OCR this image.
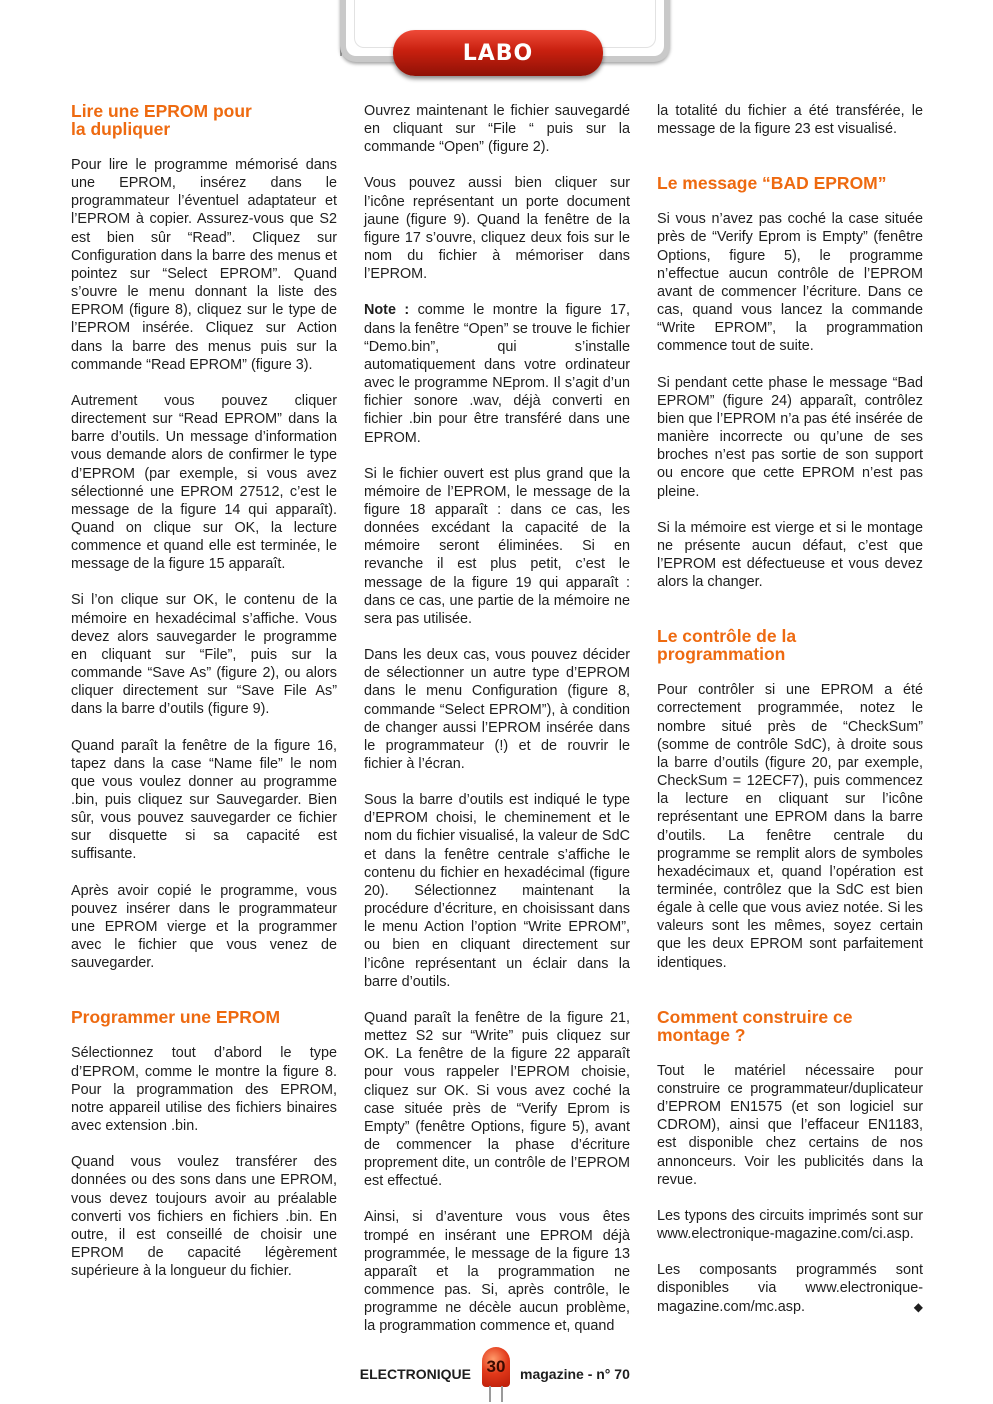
LABO
Lire une EPROM pour la dupliquer

Pour lire le programme mémorisé dans une EPROM, insérez dans le programmateur l’éventuel adaptateur et l’EPROM à copier. Assurez-vous que S2 est bien sûr “Read”. Cliquez sur Configuration dans la barre des menus et pointez sur “Select EPROM”. Quand s’ouvre le menu donnant la liste des EPROM (figure 8), cliquez sur le type de l’EPROM insérée. Cliquez sur Action dans la barre des menus puis sur la commande “Read EPROM” (figure 3).

Autrement vous pouvez cliquer directement sur “Read EPROM” dans la barre d’outils. Un message d’information vous demande alors de confirmer le type d’EPROM (par exemple, si vous avez sélectionné une EPROM 27512, c’est le message de la figure 14 qui apparaît). Quand on clique sur OK, la lecture commence et quand elle est terminée, le message de la figure 15 apparaît.

Si l’on clique sur OK, le contenu de la mémoire en hexadécimal s’affiche. Vous devez alors sauvegarder le programme en cliquant sur “File”, puis sur la commande “Save As” (figure 2), ou alors cliquer directement sur “Save File As” dans la barre d’outils (figure 9).

Quand paraît la fenêtre de la figure 16, tapez dans la case “Name file” le nom que vous voulez donner au programme .bin, puis cliquez sur Sauvegarder. Bien sûr, vous pouvez sauvegarder ce fichier sur disquette si sa capacité est suffisante.

Après avoir copié le programme, vous pouvez insérer dans le programmateur une EPROM vierge et la programmer avec le fichier que vous venez de sauvegarder.

Programmer une EPROM

Sélectionnez tout d’abord le type d’EPROM, comme le montre la figure 8. Pour la programmation des EPROM, notre appareil utilise des fichiers binaires avec extension .bin.

Quand vous voulez transférer des données ou des sons dans une EPROM, vous devez toujours avoir au préalable converti vos fichiers en fichiers .bin. En outre, il est conseillé de choisir une EPROM de capacité légèrement supérieure à la longueur du fichier.

Ouvrez maintenant le fichier sauvegardé en cliquant sur “File “ puis sur la commande “Open” (figure 2).

Vous pouvez aussi bien cliquer sur l’icône représentant un porte document jaune (figure 9). Quand la fenêtre de la figure 17 s’ouvre, cliquez deux fois sur le nom du fichier à mémoriser dans l’EPROM.

Note : comme le montre la figure 17, dans la fenêtre “Open” se trouve le fichier “Demo.bin”, qui s’installe automatiquement dans votre ordinateur avec le programme NEprom. Il s’agit d’un fichier sonore .wav, déjà converti en fichier .bin pour être transféré dans une EPROM.

Si le fichier ouvert est plus grand que la mémoire de l’EPROM, le message de la figure 18 apparaît : dans ce cas, les données excédant la capacité de la mémoire seront éliminées. Si en revanche il est plus petit, c’est le message de la figure 19 qui apparaît : dans ce cas, une partie de la mémoire ne sera pas utilisée.

Dans les deux cas, vous pouvez décider de sélectionner un autre type d’EPROM dans le menu Configuration (figure 8, commande “Select EPROM”), à condition de changer aussi l’EPROM insérée dans le programmateur (!) et de rouvrir le fichier à l’écran.

Sous la barre d’outils est indiqué le type d’EPROM choisi, le cheminement et le nom du fichier visualisé, la valeur de SdC et dans la fenêtre centrale s’affiche le contenu du fichier en hexadécimal (figure 20). Sélectionnez maintenant la procédure d’écriture, en choisissant dans le menu Action l’option “Write EPROM”, ou bien en cliquant directement sur l’icône représentant un éclair dans la barre d’outils.

Quand paraît la fenêtre de la figure 21, mettez S2 sur “Write” puis cliquez sur OK. La fenêtre de la figure 22 apparaît pour vous rappeler l’EPROM choisie, cliquez sur OK. Si vous avez coché la case située près de “Verify Eprom is Empty” (fenêtre Options, figure 5), avant de commencer la phase d’écriture proprement dite, un contrôle de l’EPROM est effectué.

Ainsi, si d’aventure vous vous êtes trompé en insérant une EPROM déjà programmée, le message de la figure 13 apparaît et la programmation ne commence pas. Si, après contrôle, le programme ne décèle aucun problème, la programmation commence et, quand

la totalité du fichier a été transférée, le message de la figure 23 est visualisé.

Le message “BAD EPROM”

Si vous n’avez pas coché la case située près de “Verify Eprom is Empty” (fenêtre Options, figure 5), le programme n’effectue aucun contrôle de l’EPROM avant de commencer l’écriture. Dans ce cas, quand vous lancez la commande “Write EPROM”, la programmation commence tout de suite.

Si pendant cette phase le message “Bad EPROM” (figure 24) apparaît, contrôlez bien que l’EPROM n’a pas été insérée de manière incorrecte ou qu’une de ses broches n’est pas sortie de son support ou encore que cette EPROM n’est pas pleine.

Si la mémoire est vierge et si le montage ne présente aucun défaut, c’est que l’EPROM est défectueuse et vous devez alors la changer.

Le contrôle de la programmation

Pour contrôler si une EPROM a été correctement programmée, notez le nombre situé près de “CheckSum” (somme de contrôle SdC), à droite sous la barre d’outils (figure 20, par exemple, CheckSum = 12ECF7), puis commencez la lecture en cliquant sur l’icône représentant une EPROM dans la barre d’outils. La fenêtre centrale du programme se remplit alors de symboles hexadécimaux et, quand l’opération est terminée, contrôlez que la SdC est bien égale à celle que vous aviez notée. Si les valeurs sont les mêmes, soyez certain que les deux EPROM sont parfaitement identiques.

Comment construire ce montage ?

Tout le matériel nécessaire pour construire ce programmateur/duplicateur d’EPROM EN1575 (et son logiciel sur CDROM), ainsi que l’effaceur EN1183, est disponible chez certains de nos annonceurs. Voir les publicités dans la revue.

Les typons des circuits imprimés sont sur www.electronique-magazine.com/ci.asp.

Les composants programmés sont disponibles via www.electronique-magazine.com/mc.asp.	◆

ELECTRONIQUE	magazine - n° 70
30
